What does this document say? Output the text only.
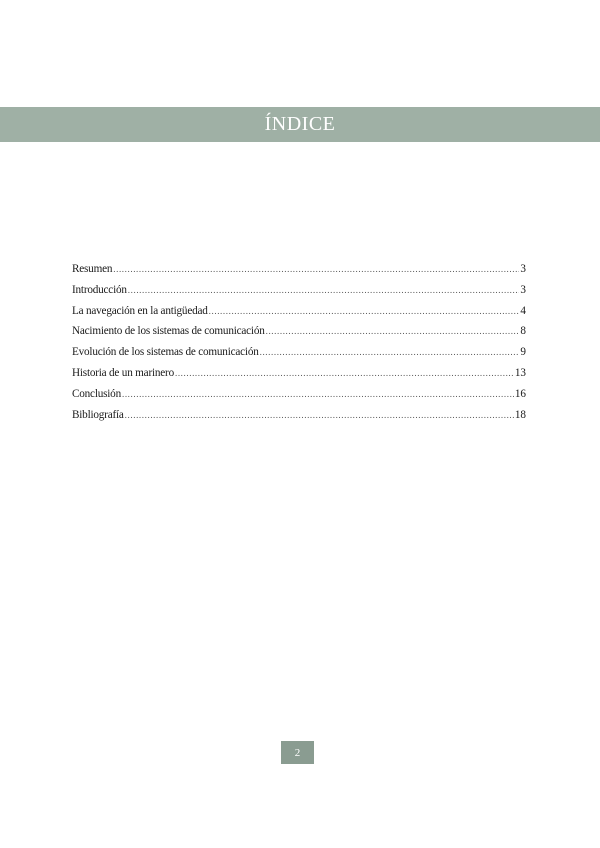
ÍNDICE
Resumen .....	3
Introducción .....	3
La navegación en la antigüedad .....	4
Nacimiento de los sistemas de comunicación .....	8
Evolución de los sistemas de comunicación .....	9
Historia de un marinero .....	13
Conclusión .....	16
Bibliografía .....	18
2
